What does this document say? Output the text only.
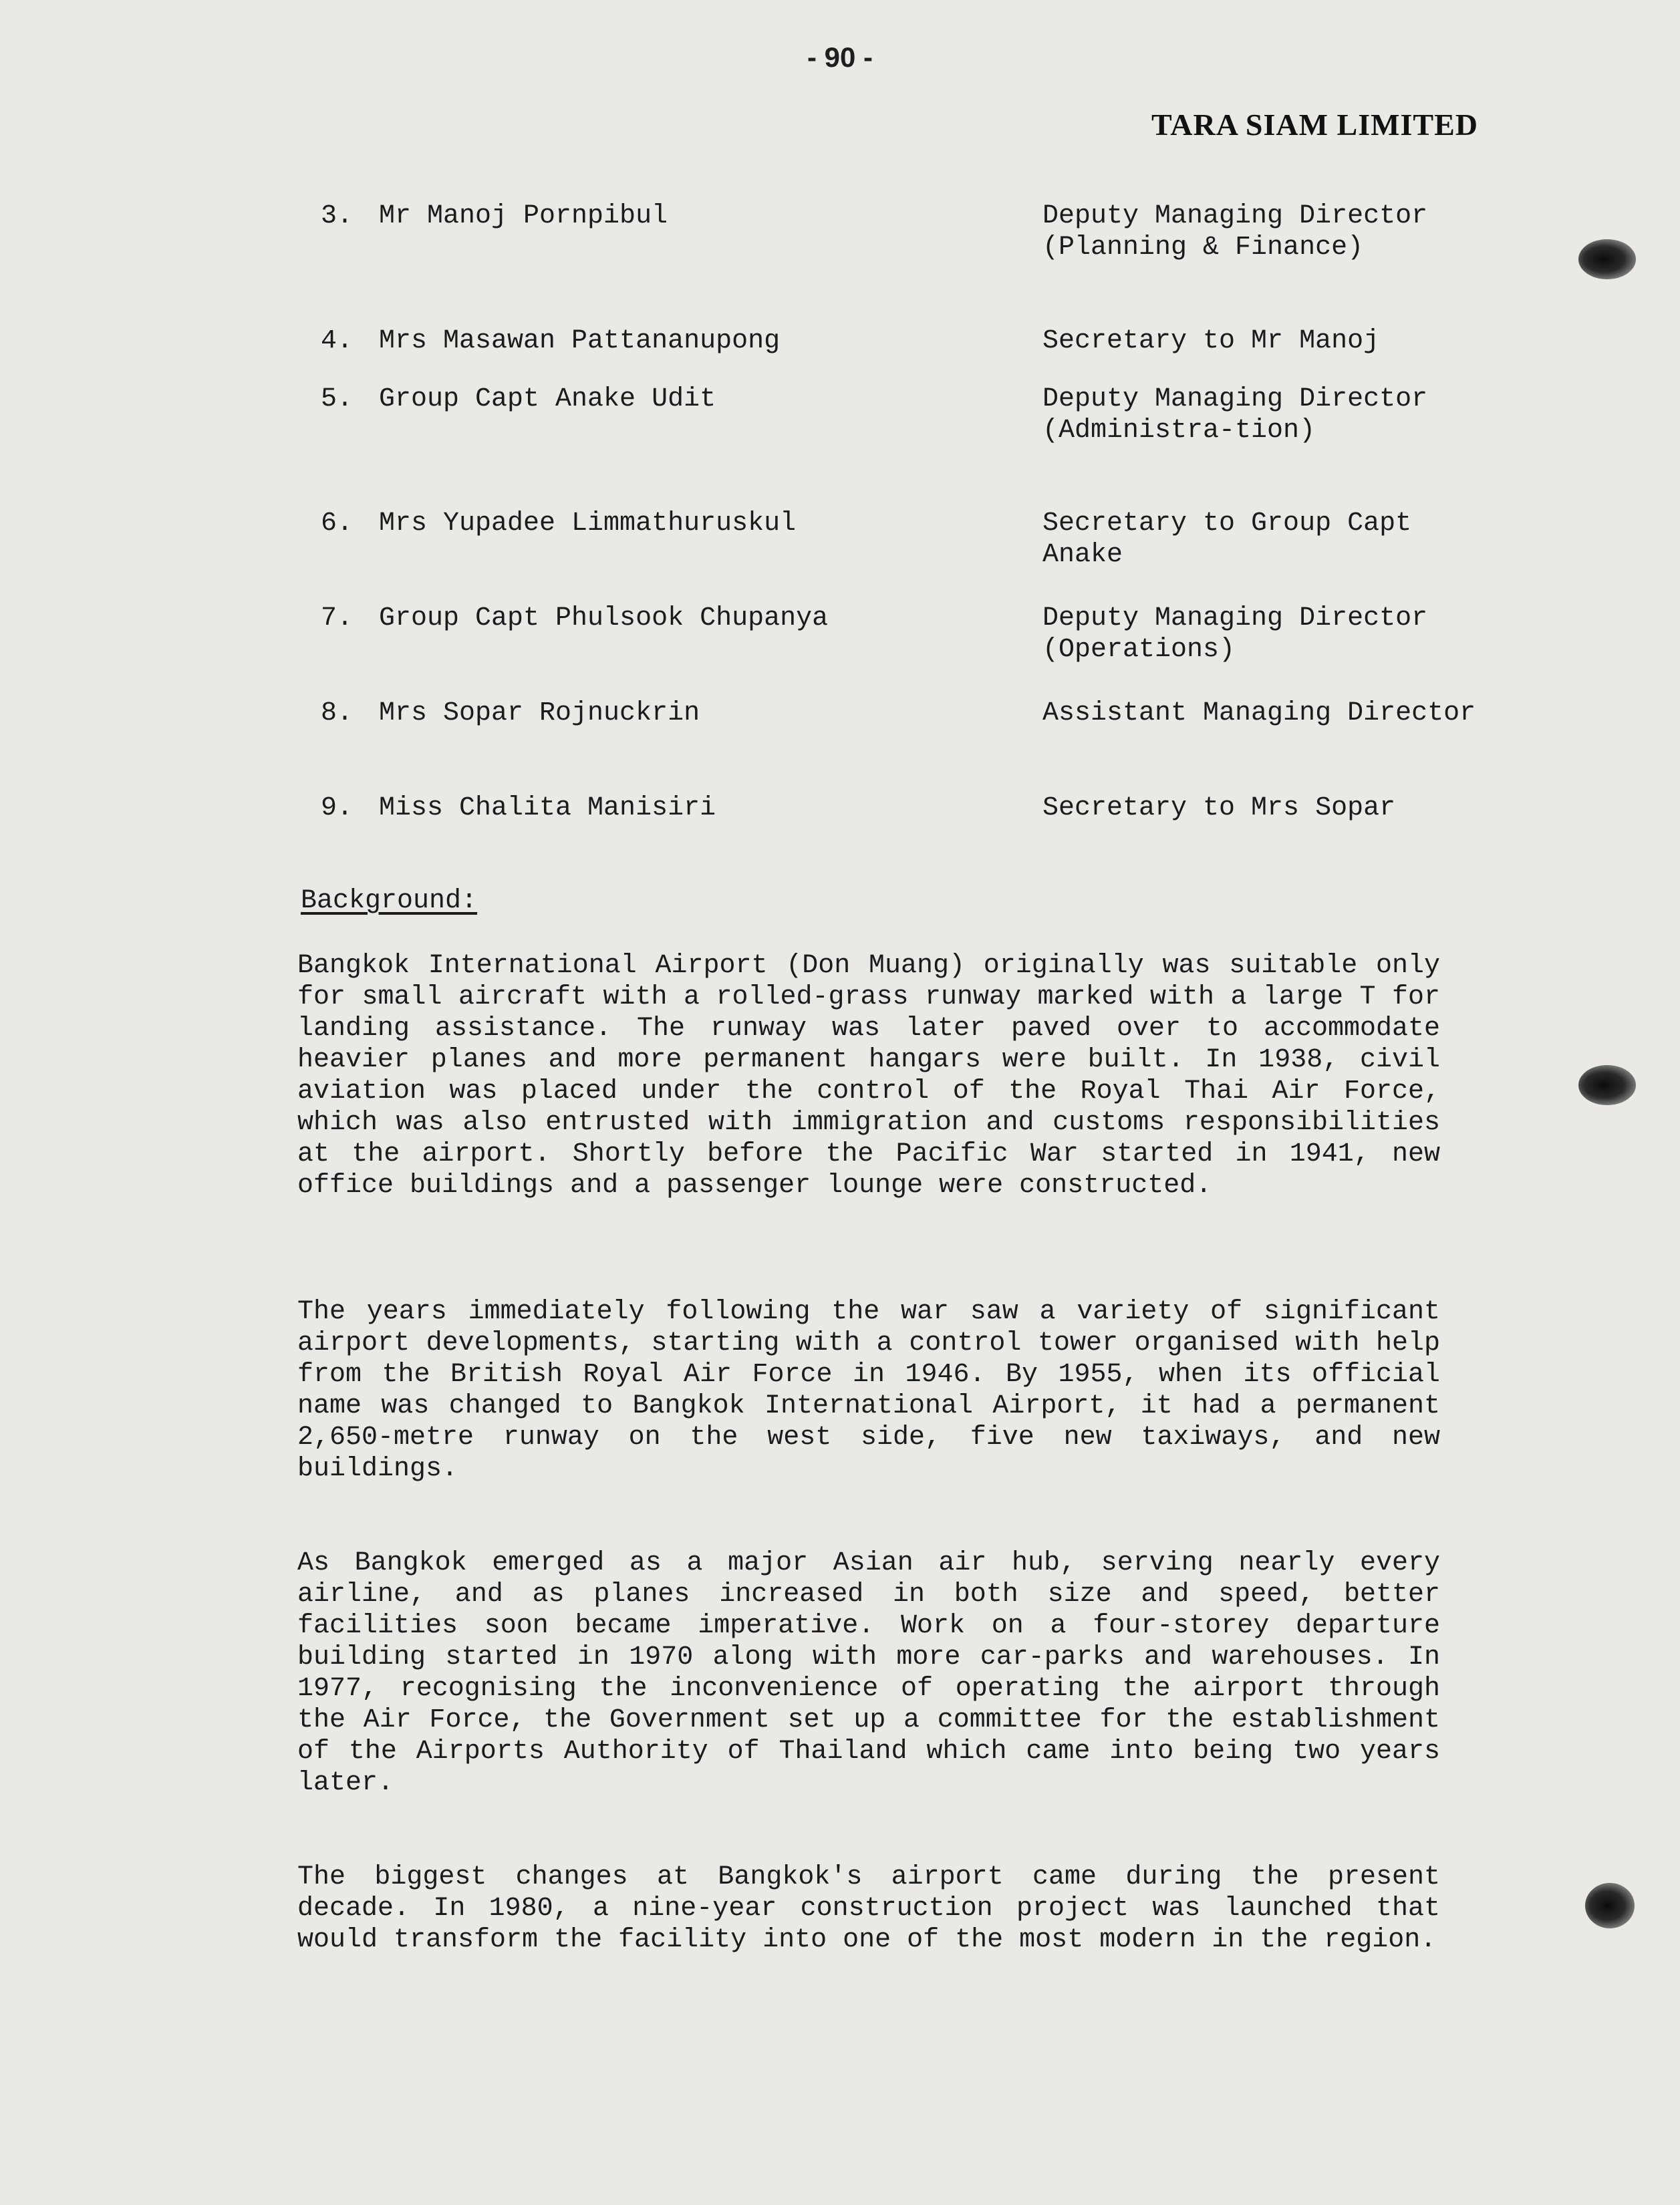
- 90 -
TARA SIAM LIMITED
3. Mr Manoj Pornpibul	Deputy Managing Director (Planning & Finance)
4. Mrs Masawan Pattananupong	Secretary to Mr Manoj
5. Group Capt Anake Udit	Deputy Managing Director (Administra-tion)
6. Mrs Yupadee Limmathuruskul	Secretary to Group Capt Anake
7. Group Capt Phulsook Chupanya	Deputy Managing Director (Operations)
8. Mrs Sopar Rojnuckrin	Assistant Managing Director
9. Miss Chalita Manisiri	Secretary to Mrs Sopar
Background:

Bangkok International Airport (Don Muang) originally was suitable only for small aircraft with a rolled-grass runway marked with a large T for landing assistance. The runway was later paved over to accommodate heavier planes and more permanent hangars were built. In 1938, civil aviation was placed under the control of the Royal Thai Air Force, which was also entrusted with immigration and customs responsibilities at the airport. Shortly before the Pacific War started in 1941, new office buildings and a passenger lounge were constructed.

The years immediately following the war saw a variety of significant airport developments, starting with a control tower organised with help from the British Royal Air Force in 1946. By 1955, when its official name was changed to Bangkok International Airport, it had a permanent 2,650-metre runway on the west side, five new taxiways, and new buildings.

As Bangkok emerged as a major Asian air hub, serving nearly every airline, and as planes increased in both size and speed, better facilities soon became imperative. Work on a four-storey departure building started in 1970 along with more car-parks and warehouses. In 1977, recognising the inconvenience of operating the airport through the Air Force, the Government set up a committee for the establishment of the Airports Authority of Thailand which came into being two years later.

The biggest changes at Bangkok's airport came during the present decade. In 1980, a nine-year construction project was launched that would transform the facility into one of the most modern in the region.
